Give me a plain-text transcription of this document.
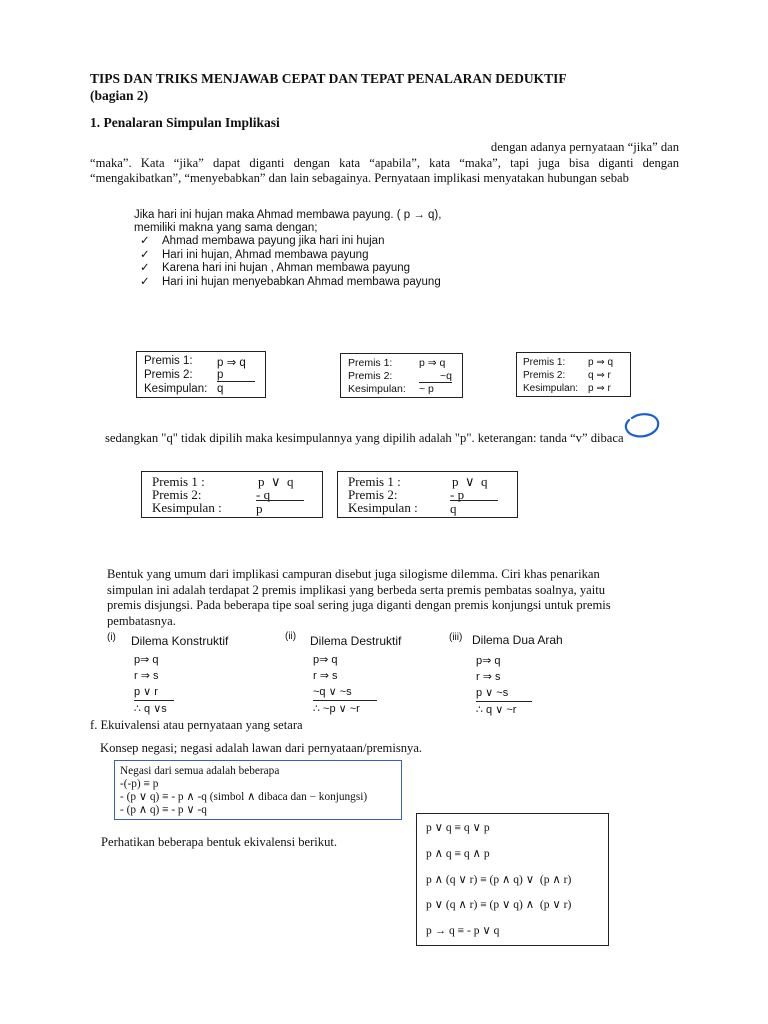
TIPS DAN TRIKS MENJAWAB CEPAT DAN TEPAT PENALARAN DEDUKTIF
(bagian 2)
1. Penalaran Simpulan Implikasi
dengan adanya pernyataan “jika” dan
“maka”. Kata “jika” dapat diganti dengan kata “apabila”, kata “maka”, tapi juga bisa diganti dengan
“mengakibatkan”, “menyebabkan” dan lain sebagainya. Pernyataan implikasi menyatakan hubungan sebab
Jika hari ini hujan maka Ahmad membawa payung. ( p → q),
memiliki makna yang sama dengan;
✓ Ahmad membawa payung jika hari ini hujan
✓ Hari ini hujan, Ahmad membawa payung
✓ Karena hari ini hujan , Ahman membawa payung
✓ Hari ini hujan menyebabkan Ahmad membawa payung
Premis 1: p ⇒ q
Premis 2: p
Kesimpulan: q
Premis 1:	p ⇒ q
Premis 2:	~q
Kesimpulan: ~ p
Premis 1: p ⇒ q
Premis 2: q ⇒ r
Kesimpulan: p ⇒ r
sedangkan "q" tidak dipilih maka kesimpulannya yang dipilih adalah "p". keterangan: tanda “v” dibaca
Premis 1 :	p  ∨  q
Premis 2:	- q
Kesimpulan :	p
Premis 1 :	p  ∨  q
Premis 2:	- p
Kesimpulan : q
Bentuk yang umum dari implikasi campuran disebut juga silogisme dilemma. Ciri khas penarikan
simpulan ini adalah terdapat 2 premis implikasi yang berbeda serta premis pembatas soalnya, yaitu
premis disjungsi. Pada beberapa tipe soal sering juga diganti dengan premis konjungsi untuk premis
pembatasnya.
(i) Dilema Konstruktif
p⇒ q
r ⇒ s
p ∨ r
∴ q ∨s
(ii) Dilema Destruktif
p⇒ q
r ⇒ s
~q ∨ ~s
∴ ~p ∨ ~r
(iii) Dilema Dua Arah
p⇒ q
r ⇒ s
p ∨ ~s
∴ q ∨ ~r
f. Ekuivalensi atau pernyataan yang setara
Konsep negasi; negasi adalah lawan dari pernyataan/premisnya.
Negasi dari semua adalah beberapa
-(-p) ≡ p
- (p ∨ q) ≡ - p ∧ -q (simbol ∧ dibaca dan − konjungsi)
- (p ∧ q) ≡ - p ∨ -q
Perhatikan beberapa bentuk ekivalensi berikut.
p ∨ q ≡ q ∨ p
p ∧ q ≡ q ∧ p
p ∧ (q ∨ r) ≡ (p ∧ q) ∨  (p ∧ r)
p ∨ (q ∧ r) ≡ (p ∨ q) ∧  (p ∨ r)
p → q ≡ - p ∨ q
